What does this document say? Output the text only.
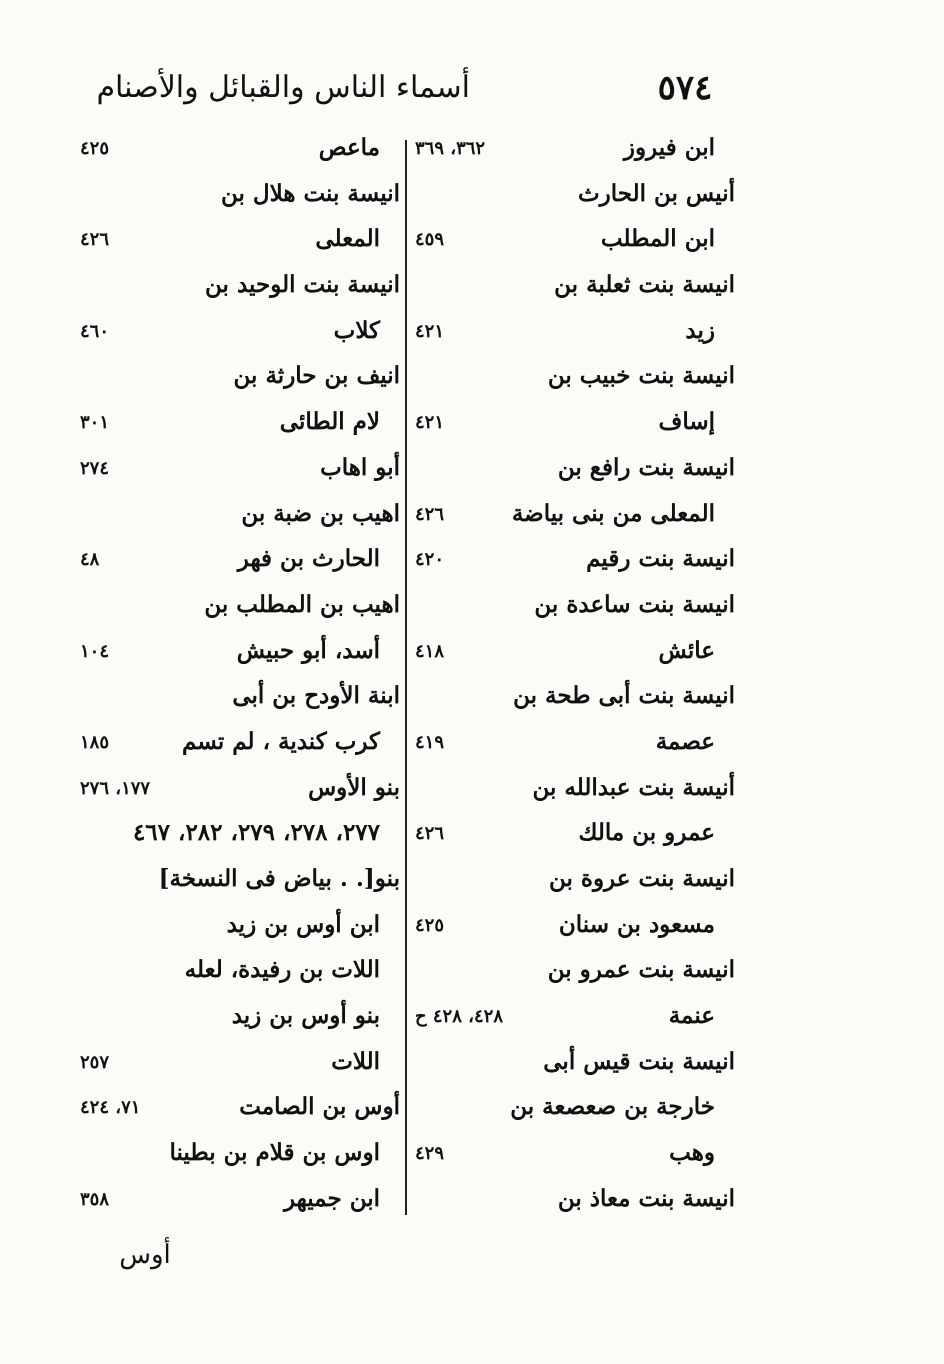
أسماء الناس والقبائل والأصنام	٥٧٤
ابن فيروز
٣٦٢، ٣٦٩
أنيس بن الحارث
ابن المطلب
٤٥٩
انيسة بنت ثعلبة بن
زيد
٤٢١
انيسة بنت خبيب بن
إساف
٤٢١
انيسة بنت رافع بن
المعلى من بنى بياضة
٤٢٦
انيسة بنت رقيم
٤٢٠
انيسة بنت ساعدة بن
عائش
٤١٨
انيسة بنت أبى طحة بن
عصمة
٤١٩
أنيسة بنت عبدالله بن
عمرو بن مالك
٤٢٦
انيسة بنت عروة بن
مسعود بن سنان
٤٢٥
انيسة بنت عمرو بن
عنمة
٤٢٨، ٤٢٨ ح
انيسة بنت قيس أبى
خارجة بن صعصعة بن
وهب
٤٢٩
انيسة بنت معاذ بن
ماعص
٤٢٥
انيسة بنت هلال بن
المعلى
٤٢٦
انيسة بنت الوحيد بن
كلاب
٤٦٠
انيف بن حارثة بن
لام الطائى
٣٠١
أبو اهاب
٢٧٤
اهيب بن ضبة بن
الحارث بن فهر
٤٨
اهيب بن المطلب بن
أسد، أبو حبيش
١٠٤
ابنة الأودح بن أبى
كرب كندية ، لم تسم
١٨٥
بنو الأوس
١٧٧، ٢٧٦
٢٧٧، ٢٧٨، ٢٧٩، ٢٨٢، ٤٦٧
بنو[. . بياض فى النسخة]
ابن أوس بن زيد
اللات بن رفيدة، لعله
بنو أوس بن زيد
اللات
٢٥٧
أوس بن الصامت
٧١، ٤٢٤
اوس بن قلام بن بطينا
ابن جميهر
٣٥٨
أوس
